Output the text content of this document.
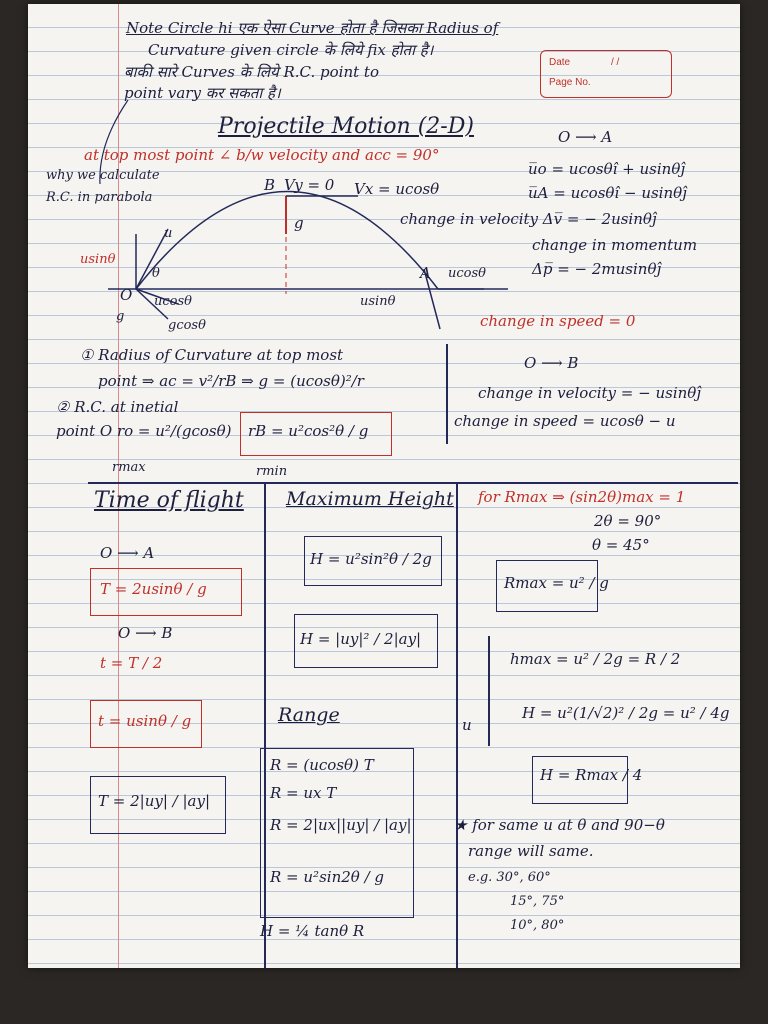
Note Circle hi एक ऐसा Curve होता है जिसका Radius of
Curvature given circle के लिये fix होता है।
बाकी सारे Curves के लिये R.C. point to
point vary कर सकता है।
Date	/ /
Page No.
Projectile Motion (2-D)
at top most point ∠ b/w velocity and acc = 90°
why we calculate
R.C. in parabola
B Vy = 0 Vx = ucosθ
g
u
usinθ
θ
O ucosθ
gcosθ
g
A ucosθ
usinθ
O ⟶ A
u̅o = ucosθî + usinθĵ
u̅A = ucosθî − usinθĵ
change in velocity Δv̅ = − 2usinθĵ
change in momentum
Δp̅ = − 2musinθĵ
change in speed = 0
① Radius of Curvature at top most
point ⇒ ac = v²/rB ⇒ g = (ucosθ)²/r
② R.C. at inetial
point O ro = u²/(gcosθ)
rmax
rB = u²cos²θ / g
rmin
O ⟶ B
change in velocity = − usinθĵ
change in speed = ucosθ − u
Time of flight
O ⟶ A
T = 2usinθ / g
O ⟶ B
t = T / 2
t = usinθ / g
T = 2|uy| / |ay|
Maximum Height
H = u²sin²θ / 2g
H = |uy|² / 2|ay|
Range
R = (ucosθ) T
R = ux T
R = 2|ux||uy| / |ay|
R = u²sin2θ / g
H = ¼ tanθ R
for Rmax ⇒ (sin2θ)max = 1
2θ = 90°
θ = 45°
Rmax = u² / g
hmax = u² / 2g = R / 2
u
H = u²(1/√2)² / 2g = u² / 4g
H = Rmax / 4
★ for same u at θ and 90−θ
range will same.
e.g. 30°, 60°
15°, 75°
10°, 80°
